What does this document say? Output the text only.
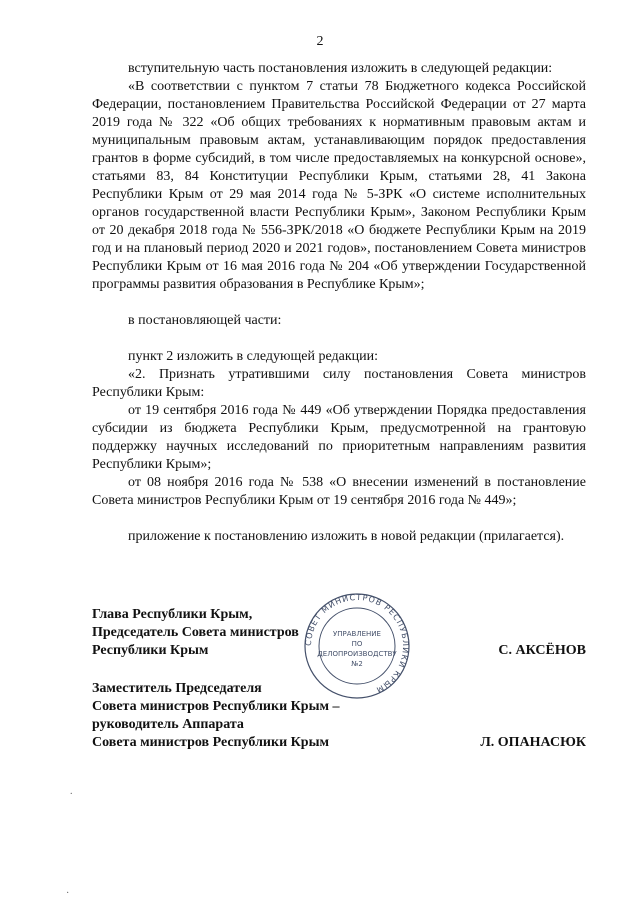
2

вступительную часть постановления изложить в следующей редакции:

«В соответствии с пунктом 7 статьи 78 Бюджетного кодекса Российской Федерации, постановлением Правительства Российской Федерации от 27 марта 2019 года № 322 «Об общих требованиях к нормативным правовым актам и муниципальным правовым актам, устанавливающим порядок предоставления грантов в форме субсидий, в том числе предоставляемых на конкурсной основе», статьями 83, 84 Конституции Республики Крым, статьями 28, 41 Закона Республики Крым от 29 мая 2014 года № 5-ЗРК «О системе исполнительных органов государственной власти Республики Крым», Законом Республики Крым от 20 декабря 2018 года № 556-ЗРК/2018 «О бюджете Республики Крым на 2019 год и на плановый период 2020 и 2021 годов», постановлением Совета министров Республики Крым от 16 мая 2016 года № 204 «Об утверждении Государственной программы развития образования в Республике Крым»;

в постановляющей части:

пункт 2 изложить в следующей редакции:

«2. Признать утратившими силу постановления Совета министров Республики Крым:

от 19 сентября 2016 года № 449 «Об утверждении Порядка предоставления субсидии из бюджета Республики Крым, предусмотренной на грантовую поддержку научных исследований по приоритетным направлениям развития Республики Крым»;

от 08 ноября 2016 года № 538 «О внесении изменений в постановление Совета министров Республики Крым от 19 сентября 2016 года № 449»;

приложение к постановлению изложить в новой редакции (прилагается).

Глава Республики Крым,
Председатель Совета министров
Республики Крым	С. АКСЁНОВ
Заместитель Председателя
Совета министров Республики Крым –
руководитель Аппарата
Совета министров Республики Крым	Л. ОПАНАСЮК
СОВЕТ МИНИСТРОВ РЕСПУБЛИКИ КРЫМ
УПРАВЛЕНИЕ
ПО
ДЕЛОПРОИЗВОДСТВУ
№2
.
·
